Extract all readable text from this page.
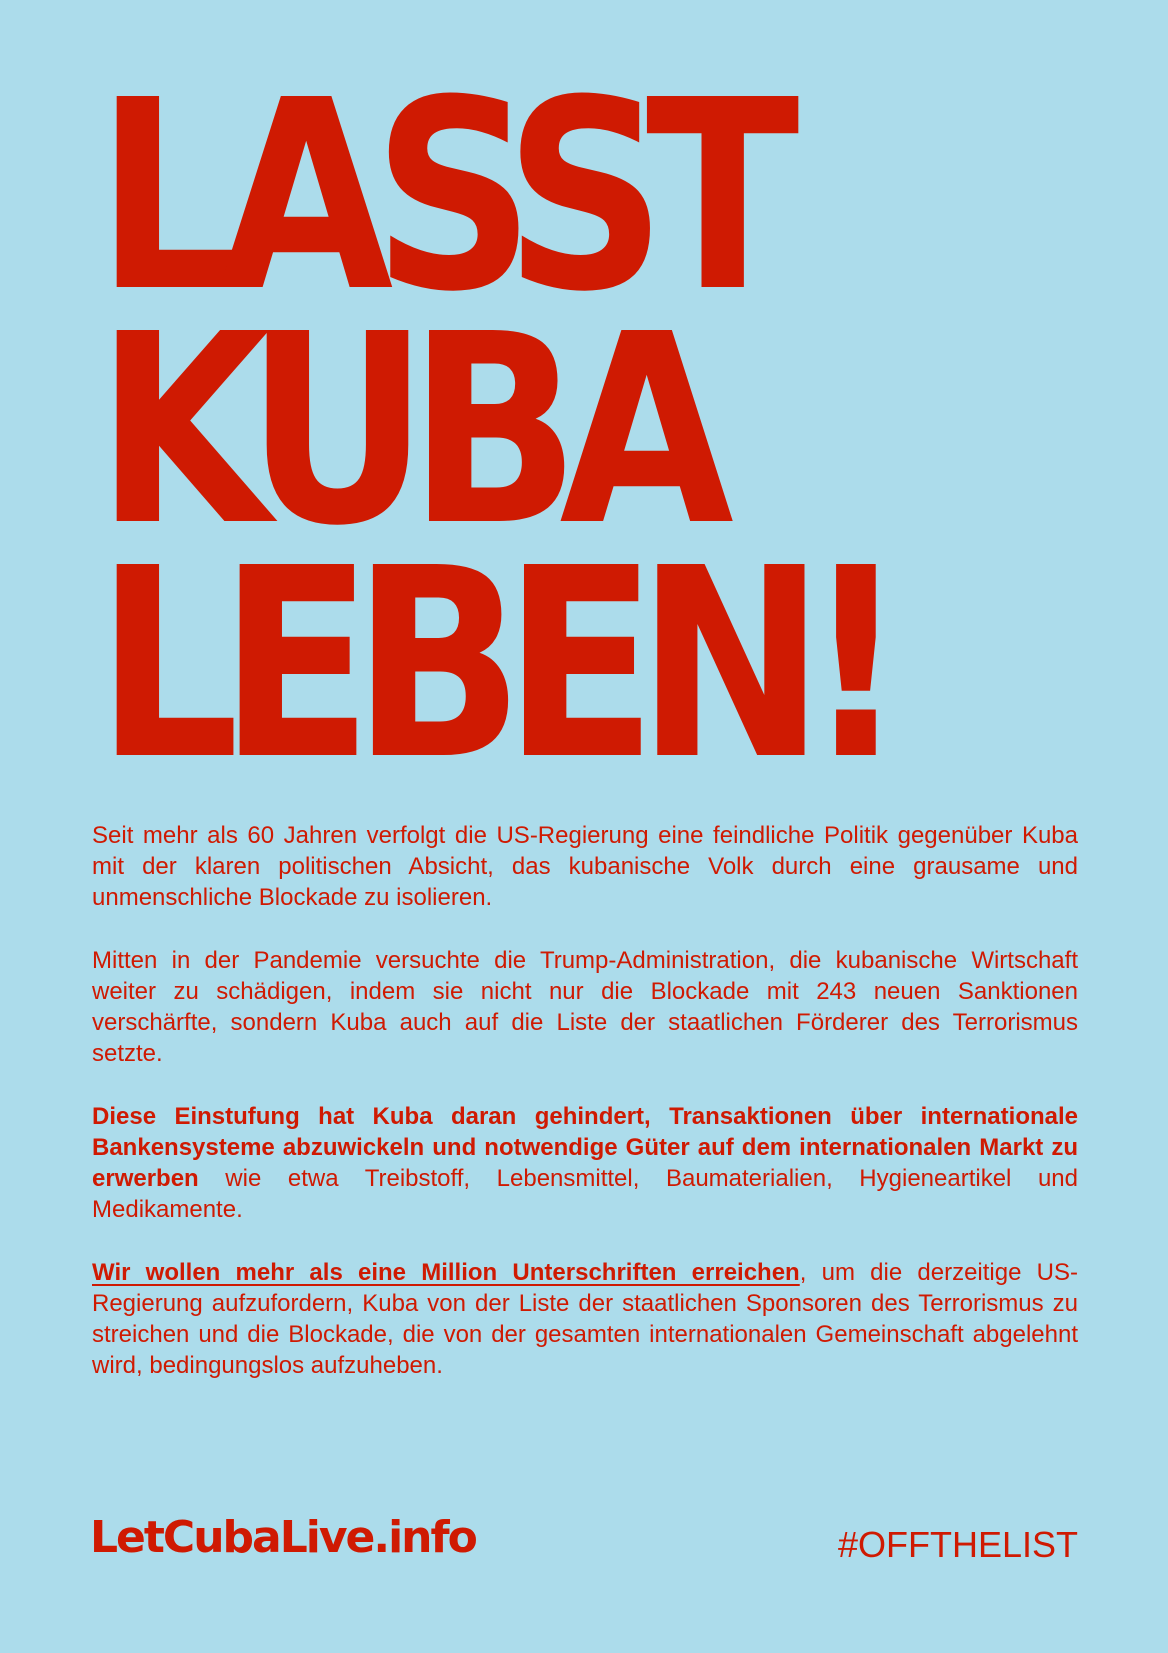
LASST
KUBA
LEBEN!

Seit mehr als 60 Jahren verfolgt die US-Regierung eine feindliche Politik gegenüber Kuba mit der klaren politischen Absicht, das kubanische Volk durch eine grausame und unmenschliche Blockade zu isolieren.

Mitten in der Pandemie versuchte die Trump-Administration, die kubanische Wirtschaft weiter zu schädigen, indem sie nicht nur die Blockade mit 243 neuen Sanktionen verschärfte, sondern Kuba auch auf die Liste der staatlichen Förderer des Terrorismus setzte.

Diese Einstufung hat Kuba daran gehindert, Transaktionen über internationale Bankensysteme abzuwickeln und notwendige Güter auf dem internationalen Markt zu erwerben wie etwa Treibstoff, Lebensmittel, Baumaterialien, Hygieneartikel und Medikamente.

Wir wollen mehr als eine Million Unterschriften erreichen, um die derzeitige US-Regierung aufzufordern, Kuba von der Liste der staatlichen Sponsoren des Terrorismus zu streichen und die Blockade, die von der gesamten internationalen Gemeinschaft abgelehnt wird, bedingungslos aufzuheben.

LetCubaLive.info	#OFFTHELIST
